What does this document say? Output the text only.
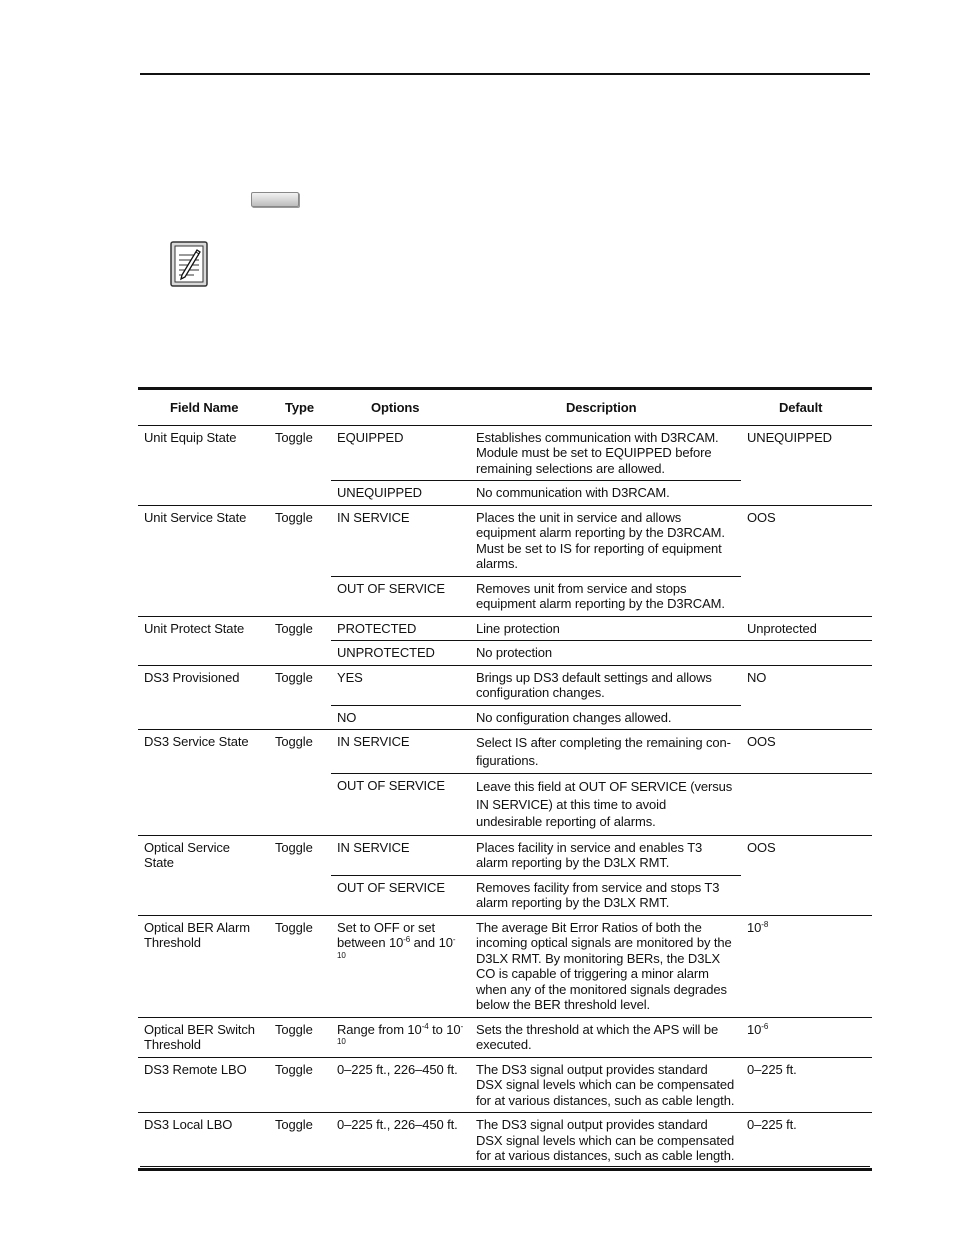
Field Name	Type	Options	Description	Default
Unit Equip State	Toggle	EQUIPPED	Establishes communication with D3RCAM. Module must be set to EQUIPPED before remaining selections are allowed.	UNEQUIPPED
		UNEQUIPPED	No communication with D3RCAM.	
Unit Service State	Toggle	IN SERVICE	Places the unit in service and allows equipment alarm reporting by the D3RCAM. Must be set to IS for reporting of equipment alarms.	OOS
		OUT OF SERVICE	Removes unit from service and stops equipment alarm reporting by the D3RCAM.	
Unit Protect State	Toggle	PROTECTED	Line protection	Unprotected
		UNPROTECTED	No protection	
DS3 Provisioned	Toggle	YES	Brings up DS3 default settings and allows configuration changes.	NO
		NO	No configuration changes allowed.	
DS3 Service State	Toggle	IN SERVICE	Select IS after completing the remaining con-figurations.	OOS
		OUT OF SERVICE	Leave this field at OUT OF SERVICE (versus IN SERVICE) at this time to avoid undesirable reporting of alarms.	
Optical Service State	Toggle	IN SERVICE	Places facility in service and enables T3 alarm reporting by the D3LX RMT.	OOS
		OUT OF SERVICE	Removes facility from service and stops T3 alarm reporting by the D3LX RMT.	
Optical BER Alarm Threshold	Toggle	Set to OFF or set between $10^{-6}$ and $10^{-10}$	The average Bit Error Ratios of both the incoming optical signals are monitored by the D3LX RMT. By monitoring BERs, the D3LX CO is capable of triggering a minor alarm when any of the monitored signals degrades below the BER threshold level.	$10^{-8}$
Optical BER Switch Threshold	Toggle	Range from $10^{-4}$ to $10^{-10}$	Sets the threshold at which the APS will be executed.	$10^{-6}$
DS3 Remote LBO	Toggle	0–225 ft., 226–450 ft.	The DS3 signal output provides standard DSX signal levels which can be compensated for at various distances, such as cable length.	0–225 ft.
DS3 Local LBO	Toggle	0–225 ft., 226–450 ft.	The DS3 signal output provides standard DSX signal levels which can be compensated for at various distances, such as cable length.	0–225 ft.
